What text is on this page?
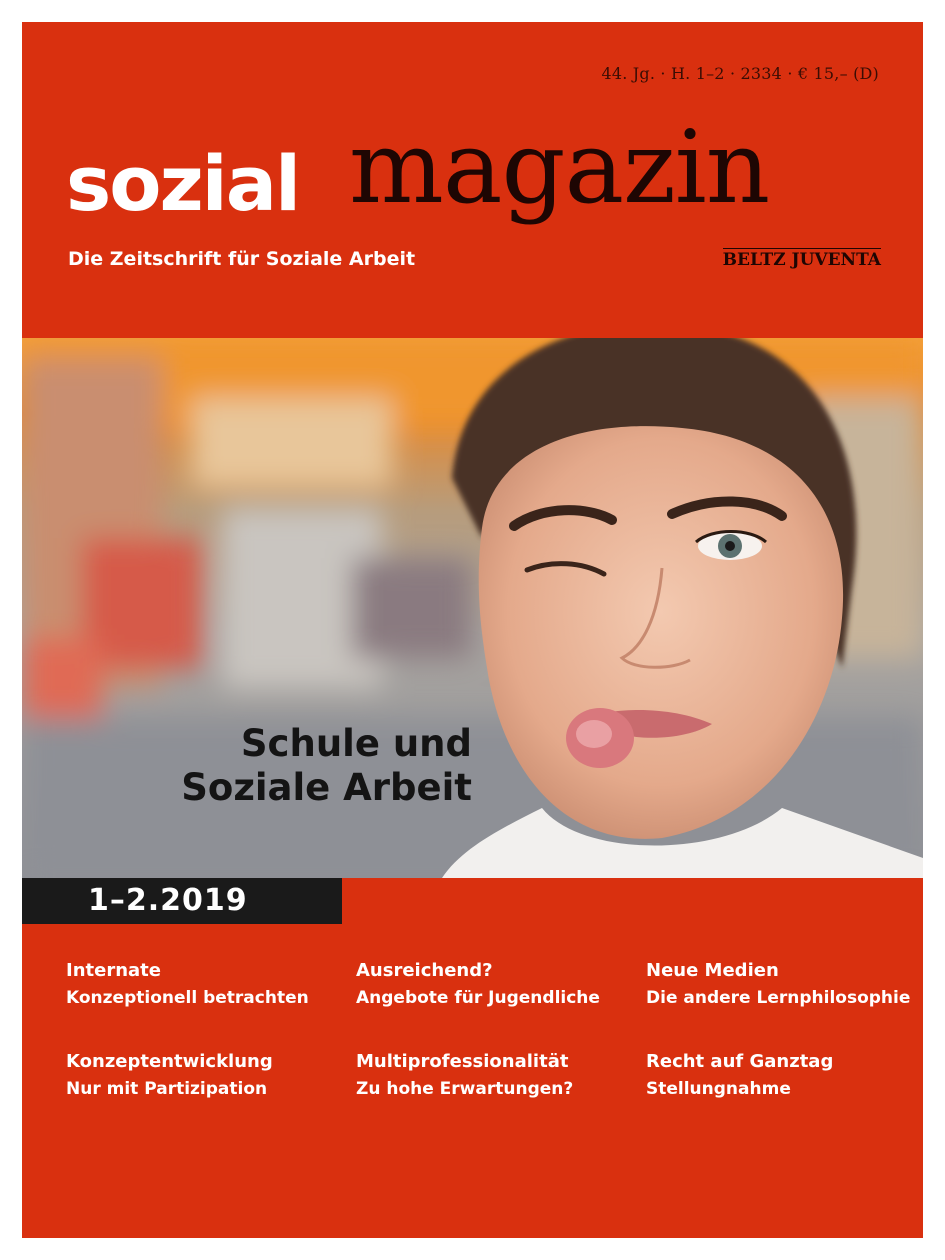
44. Jg. · H. 1–2 · 2334 · € 15,– (D)
sozial magazin
Die Zeitschrift für Soziale Arbeit	BELTZ JUVENTA
Schule und
Soziale Arbeit
1–2.2019
Internate
Konzeptionell betrachten
Ausreichend?
Angebote für Jugendliche
Neue Medien
Die andere Lernphilosophie
Konzeptentwicklung
Nur mit Partizipation
Multiprofessionalität
Zu hohe Erwartungen?
Recht auf Ganztag
Stellungnahme
